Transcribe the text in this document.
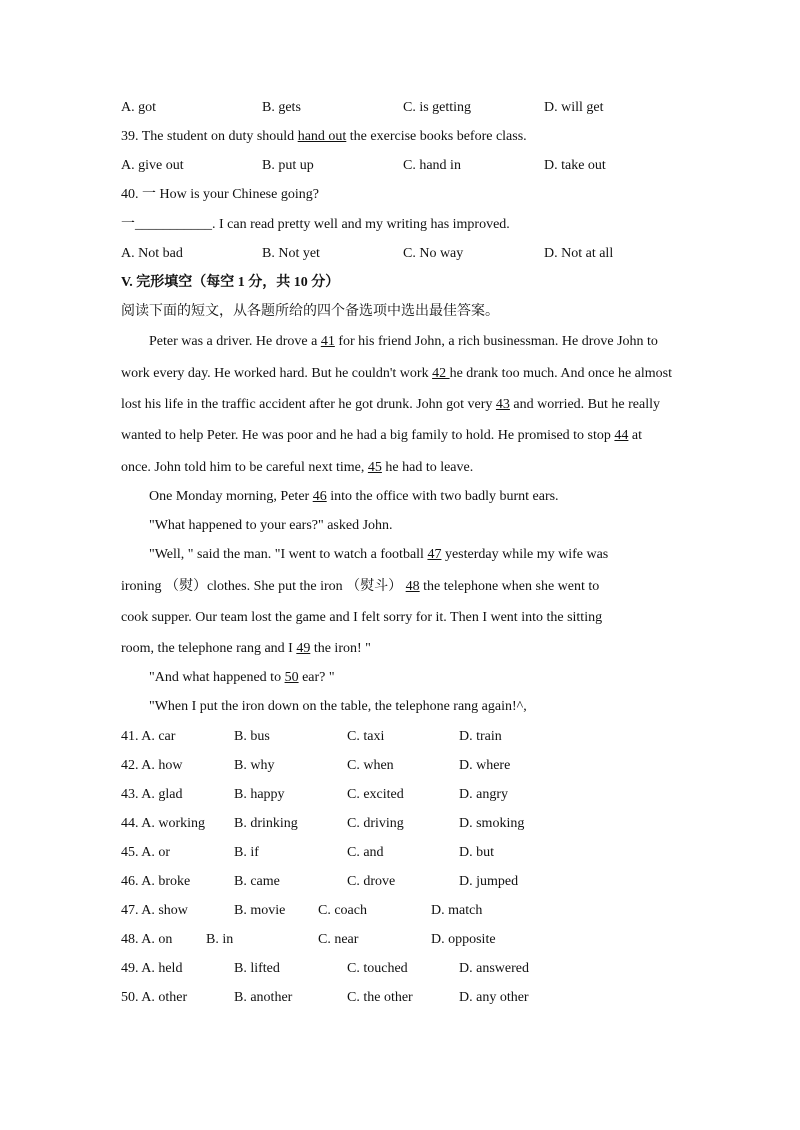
A. got	B. gets	C. is getting	D. will get
39. The student on duty should hand out the exercise books before class.
A. give out	B. put up	C. hand in	D. take out
40. 一 How is your Chinese going?
一___________. I can read pretty well and my writing has improved.
A. Not bad	B. Not yet	C. No way	D. Not at all
V. 完形填空（每空 1 分，共 10 分）
阅读下面的短文，从各题所给的四个备选项中选出最佳答案。
Peter was a driver. He drove a 41 for his friend John, a rich businessman. He drove John to
work every day. He worked hard. But he couldn't work 42 he drank too much. And once he almost
lost his life in the traffic accident after he got drunk. John got very 43 and worried. But he really
wanted to help Peter. He was poor and he had a big family to hold. He promised to stop 44 at
once. John told him to be careful next time, 45 he had to leave.
One Monday morning, Peter 46 into the office with two badly burnt ears.
"What happened to your ears?" asked John.
"Well, " said the man. "I went to watch a football 47 yesterday while my wife was
ironing （熨）clothes. She put the iron （熨斗） 48 the telephone when she went to
cook supper. Our team lost the game and I felt sorry for it. Then I went into the sitting
room, the telephone rang and I 49 the iron! "
"And what happened to 50 ear? "
"When I put the iron down on the table, the telephone rang again!^,
41. A. car	B. bus	C. taxi	D. train
42. A. how	B. why	C. when	D. where
43. A. glad	B. happy	C. excited	D. angry
44. A. working B. drinking	C. driving	D. smoking
45. A. or	B. if	C. and	D. but
46. A. broke	B. came	C. drove	D. jumped
47. A. show	B. movie C. coach	D. match
48. A. on B. in	C. near	D. opposite
49. A. held	B. lifted	C. touched	D. answered
50. A. other	B. another	C. the other	D. any other
